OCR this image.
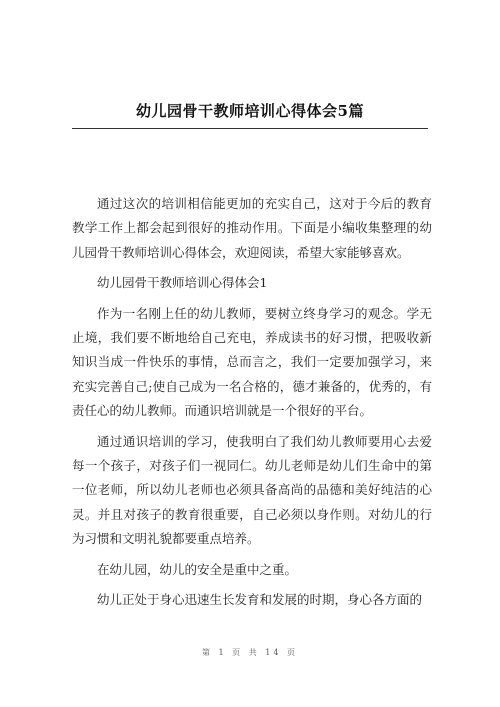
幼儿园骨干教师培训心得体会5篇

通过这次的培训相信能更加的充实自己，这对于今后的教育教学工作上都会起到很好的推动作用。下面是小编收集整理的幼儿园骨干教师培训心得体会，欢迎阅读，希望大家能够喜欢。

幼儿园骨干教师培训心得体会1

作为一名刚上任的幼儿教师，要树立终身学习的观念。学无止境，我们要不断地给自己充电，养成读书的好习惯，把吸收新知识当成一件快乐的事情，总而言之，我们一定要加强学习，来充实完善自己;使自己成为一名合格的，德才兼备的，优秀的，有责任心的幼儿教师。而通识培训就是一个很好的平台。

通过通识培训的学习，使我明白了我们幼儿教师要用心去爱每一个孩子，对孩子们一视同仁。幼儿老师是幼儿们生命中的第一位老师，所以幼儿老师也必须具备高尚的品德和美好纯洁的心灵。并且对孩子的教育很重要，自己必须以身作则。对幼儿的行为习惯和文明礼貌都要重点培养。

在幼儿园，幼儿的安全是重中之重。

幼儿正处于身心迅速生长发育和发展的时期，身心各方面的

第 1 页 共 14 页
